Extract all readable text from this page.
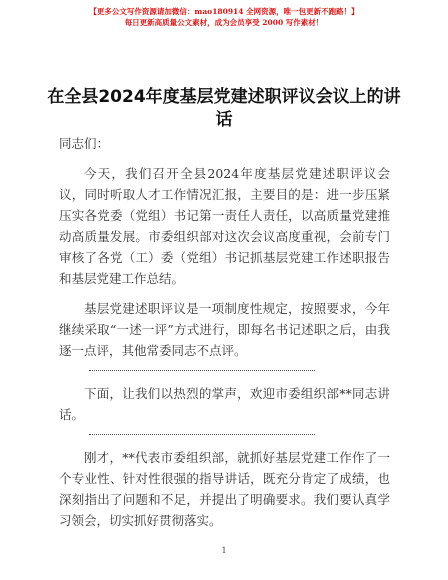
【更多公文写作资源请加微信：mao180914 全网资源，唯一包更新不跑路！】
每日更新高质量公文素材，成为会员享受 2000 写作素材！
在全县2024年度基层党建述职评议会议上的讲话

同志们：

今天，我们召开全县2024年度基层党建述职评议会议，同时听取人才工作情况汇报，主要目的是：进一步压紧压实各党委（党组）书记第一责任人责任，以高质量党建推动高质量发展。市委组织部对这次会议高度重视，会前专门审核了各党（工）委（党组）书记抓基层党建工作述职报告和基层党建工作总结。

基层党建述职评议是一项制度性规定，按照要求，今年继续采取“一述一评”方式进行，即每名书记述职之后，由我逐一点评，其他常委同志不点评。

下面，让我们以热烈的掌声，欢迎市委组织部**同志讲话。

刚才，**代表市委组织部，就抓好基层党建工作作了一个专业性、针对性很强的指导讲话，既充分肯定了成绩，也深刻指出了问题和不足，并提出了明确要求。我们要认真学习领会，切实抓好贯彻落实。

1
